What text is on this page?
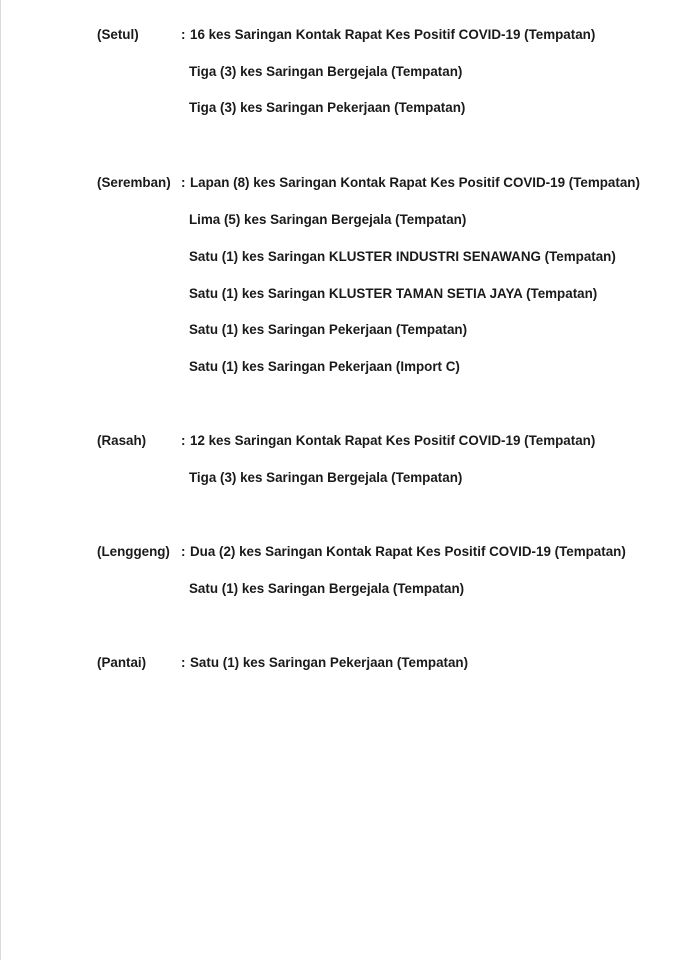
(Setul)	: 16 kes Saringan Kontak Rapat Kes Positif COVID-19 (Tempatan)
Tiga (3) kes Saringan Bergejala (Tempatan)
Tiga (3) kes Saringan Pekerjaan (Tempatan)
(Seremban) : Lapan (8) kes Saringan Kontak Rapat Kes Positif COVID-19 (Tempatan)
Lima (5) kes Saringan Bergejala (Tempatan)
Satu (1) kes Saringan KLUSTER INDUSTRI SENAWANG (Tempatan)
Satu (1) kes Saringan KLUSTER TAMAN SETIA JAYA (Tempatan)
Satu (1) kes Saringan Pekerjaan (Tempatan)
Satu (1) kes Saringan Pekerjaan (Import C)
(Rasah)	: 12 kes Saringan Kontak Rapat Kes Positif COVID-19 (Tempatan)
Tiga (3) kes Saringan Bergejala (Tempatan)
(Lenggeng) : Dua (2) kes Saringan Kontak Rapat Kes Positif COVID-19 (Tempatan)
Satu (1) kes Saringan Bergejala (Tempatan)
(Pantai)	: Satu (1) kes Saringan Pekerjaan (Tempatan)
